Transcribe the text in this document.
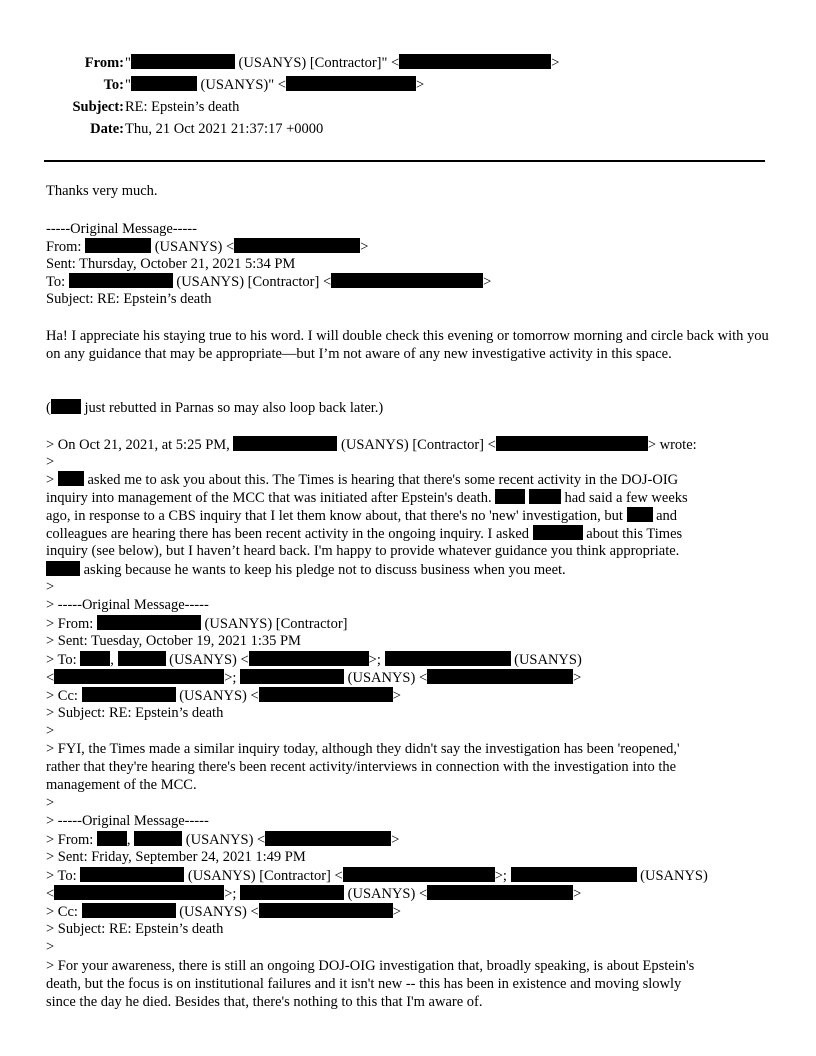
From: "	(USANYS) [Contractor]" <	>
To: "	(USANYS)" <	>
Subject: RE: Epstein’s death
Date: Thu, 21 Oct 2021 21:37:17 +0000
Thanks very much.
-----Original Message-----
From:	(USANYS) <	>
Sent: Thursday, October 21, 2021 5:34 PM
To:	(USANYS) [Contractor] <	>
Subject: RE: Epstein’s death
Ha! I appreciate his staying true to his word. I will double check this evening or tomorrow morning and circle back with you on any guidance that may be appropriate—but I’m not aware of any new investigative activity in this space.
( just rebutted in Parnas so may also loop back later.)
> On Oct 21, 2021, at 5:25 PM,	(USANYS) [Contractor] <	> wrote:
>
> asked me to ask you about this. The Times is hearing that there's some recent activity in the DOJ-OIG
inquiry into management of the MCC that was initiated after Epstein's death.	had said a few weeks
ago, in response to a CBS inquiry that I let them know about, that there's no 'new' investigation, but and
colleagues are hearing there has been recent activity in the ongoing inquiry. I asked	about this Times
inquiry (see below), but I haven’t heard back. I'm happy to provide whatever guidance you think appropriate.
asking because he wants to keep his pledge not to discuss business when you meet.
>
> -----Original Message-----
> From:	(USANYS) [Contractor]
> Sent: Tuesday, October 19, 2021 1:35 PM
> To: ,	(USANYS) <	>;	(USANYS)
<	>;	(USANYS) <	>
> Cc:	(USANYS) <	>
> Subject: RE: Epstein’s death
>
> FYI, the Times made a similar inquiry today, although they didn't say the investigation has been 'reopened,'
rather that they're hearing there's been recent activity/interviews in connection with the investigation into the
management of the MCC.
>
> -----Original Message-----
> From: ,	(USANYS) <	>
> Sent: Friday, September 24, 2021 1:49 PM
> To:	(USANYS) [Contractor] <	>;	(USANYS)
<	>;	(USANYS) <	>
> Cc:	(USANYS) <	>
> Subject: RE: Epstein’s death
>
> For your awareness, there is still an ongoing DOJ-OIG investigation that, broadly speaking, is about Epstein's
death, but the focus is on institutional failures and it isn't new -- this has been in existence and moving slowly
since the day he died. Besides that, there's nothing to this that I'm aware of.
